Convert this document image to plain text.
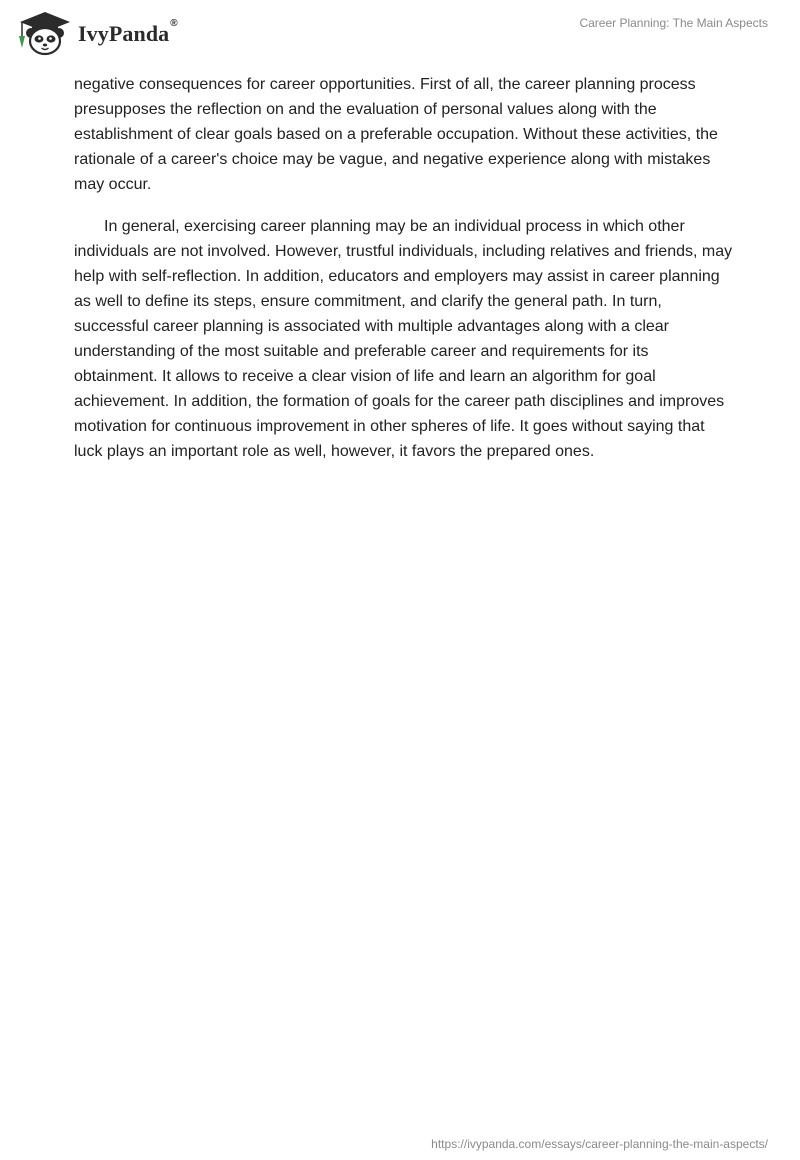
IvyPanda®	Career Planning: The Main Aspects

negative consequences for career opportunities. First of all, the career planning process presupposes the reflection on and the evaluation of personal values along with the establishment of clear goals based on a preferable occupation. Without these activities, the rationale of a career's choice may be vague, and negative experience along with mistakes may occur.

In general, exercising career planning may be an individual process in which other individuals are not involved. However, trustful individuals, including relatives and friends, may help with self-reflection. In addition, educators and employers may assist in career planning as well to define its steps, ensure commitment, and clarify the general path. In turn, successful career planning is associated with multiple advantages along with a clear understanding of the most suitable and preferable career and requirements for its obtainment. It allows to receive a clear vision of life and learn an algorithm for goal achievement. In addition, the formation of goals for the career path disciplines and improves motivation for continuous improvement in other spheres of life. It goes without saying that luck plays an important role as well, however, it favors the prepared ones.

https://ivypanda.com/essays/career-planning-the-main-aspects/
